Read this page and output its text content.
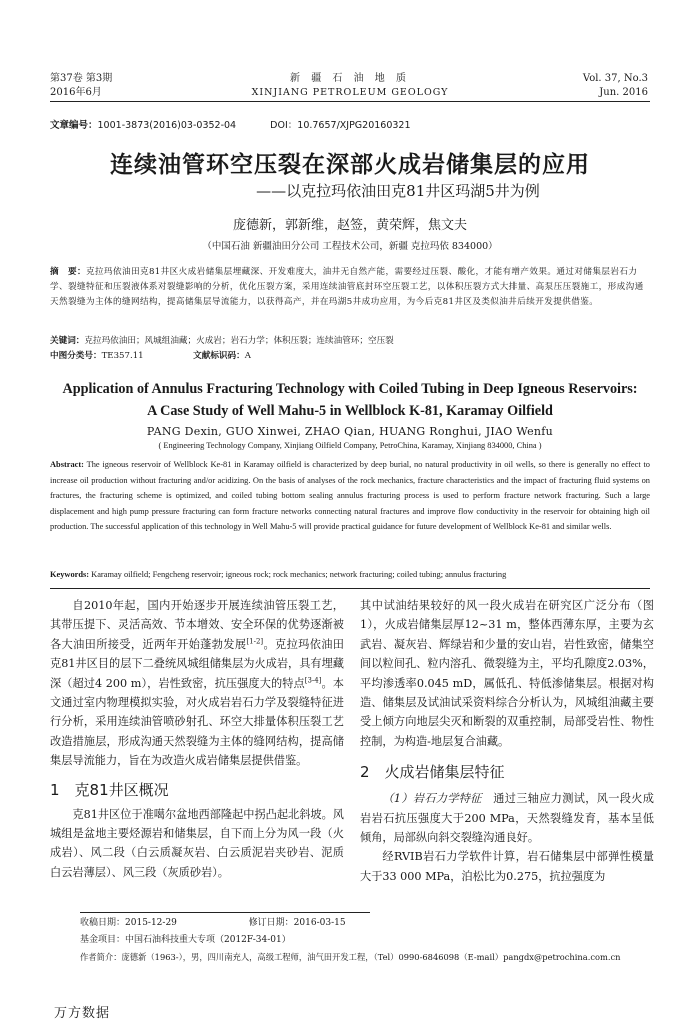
第37卷 第3期
2016年6月
新 疆 石 油 地 质
XINJIANG PETROLEUM GEOLOGY
Vol. 37, No.3
Jun. 2016
文章编号：1001-3873(2016)03-0352-04	DOI：10.7657/XJPG20160321
连续油管环空压裂在深部火成岩储集层的应用
——以克拉玛依油田克81井区玛湖5井为例
庞德新，郭新维，赵签，黄荣辉，焦文夫
（中国石油 新疆油田分公司 工程技术公司，新疆 克拉玛依 834000）
摘　要：克拉玛依油田克81井区火成岩储集层埋藏深、开发难度大，油井无自然产能，需要经过压裂、酸化，才能有增产效果。通过对储集层岩石力学、裂缝特征和压裂液体系对裂缝影响的分析，优化压裂方案，采用连续油管底封环空压裂工艺，以体积压裂方式大排量、高泵压压裂施工，形成沟通天然裂缝为主体的缝网结构，提高储集层导流能力，以获得高产，并在玛湖5井成功应用，为今后克81井区及类似油井后续开发提供借鉴。
关键词：克拉玛依油田；风城组油藏；火成岩；岩石力学；体积压裂；连续油管环；空压裂
中图分类号：TE357.11	文献标识码：A
Application of Annulus Fracturing Technology with Coiled Tubing in Deep Igneous Reservoirs:
A Case Study of Well Mahu-5 in Wellblock K-81, Karamay Oilfield
PANG Dexin, GUO Xinwei, ZHAO Qian, HUANG Ronghui, JIAO Wenfu
( Engineering Technology Company, Xinjiang Oilfield Company, PetroChina, Karamay, Xinjiang 834000, China )
Abstract: The igneous reservoir of Wellblock Ke-81 in Karamay oilfield is characterized by deep burial, no natural productivity in oil wells, so there is generally no effect to increase oil production without fracturing and/or acidizing. On the basis of analyses of the rock mechanics, fracture characteristics and the impact of fracturing fluid systems on fractures, the fracturing scheme is optimized, and coiled tubing bottom sealing annulus fracturing process is used to perform fracture network fracturing. Such a large displacement and high pump pressure fracturing can form fracture networks connecting natural fractures and improve flow conductivity in the reservoir for obtaining high oil production. The successful application of this technology in Well Mahu-5 will provide practical guidance for future development of Wellblock Ke-81 and similar wells.
Keywords: Karamay oilfield; Fengcheng reservoir; igneous rock; rock mechanics; network fracturing; coiled tubing; annulus fracturing

自2010年起，国内开始逐步开展连续油管压裂工艺，其带压提下、灵活高效、节本增效、安全环保的优势逐渐被各大油田所接受，近两年开始蓬勃发展[1-2]。克拉玛依油田克81井区目的层下二叠统风城组储集层为火成岩，具有埋藏深（超过4 200 m），岩性致密，抗压强度大的特点[3-4]。本文通过室内物理模拟实验，对火成岩岩石力学及裂缝特征进行分析，采用连续油管喷砂射孔、环空大排量体积压裂工艺改造措施层，形成沟通天然裂缝为主体的缝网结构，提高储集层导流能力，旨在为改造火成岩储集层提供借鉴。

1　克81井区概况

克81井区位于准噶尔盆地西部隆起中拐凸起北斜坡。风城组是盆地主要烃源岩和储集层，自下而上分为风一段（火成岩）、风二段（白云质凝灰岩、白云质泥岩夹砂岩、泥质白云岩薄层）、风三段（灰质砂岩）。

其中试油结果较好的风一段火成岩在研究区广泛分布（图1），火成岩储集层厚12~31 m，整体西薄东厚，主要为玄武岩、凝灰岩、辉绿岩和少量的安山岩，岩性致密，储集空间以粒间孔、粒内溶孔、微裂缝为主，平均孔隙度2.03%，平均渗透率0.045 mD，属低孔、特低渗储集层。根据对构造、储集层及试油试采资料综合分析认为，风城组油藏主要受上倾方向地层尖灭和断裂的双重控制，局部受岩性、物性控制，为构造-地层复合油藏。

2　火成岩储集层特征

（1）岩石力学特征　通过三轴应力测试，风一段火成岩岩石抗压强度大于200 MPa，天然裂缝发育，基本呈低倾角，局部纵向斜交裂缝沟通良好。

经RVIB岩石力学软件计算，岩石储集层中部弹性模量大于33 000 MPa，泊松比为0.275，抗拉强度为

收稿日期：2015-12-29	修订日期：2016-03-15
基金项目：中国石油科技重大专项（2012F-34-01）
作者简介：庞德新（1963-），男，四川南充人，高级工程师，油气田开发工程，（Tel）0990-6846098（E-mail）pangdx@petrochina.com.cn
万方数据
